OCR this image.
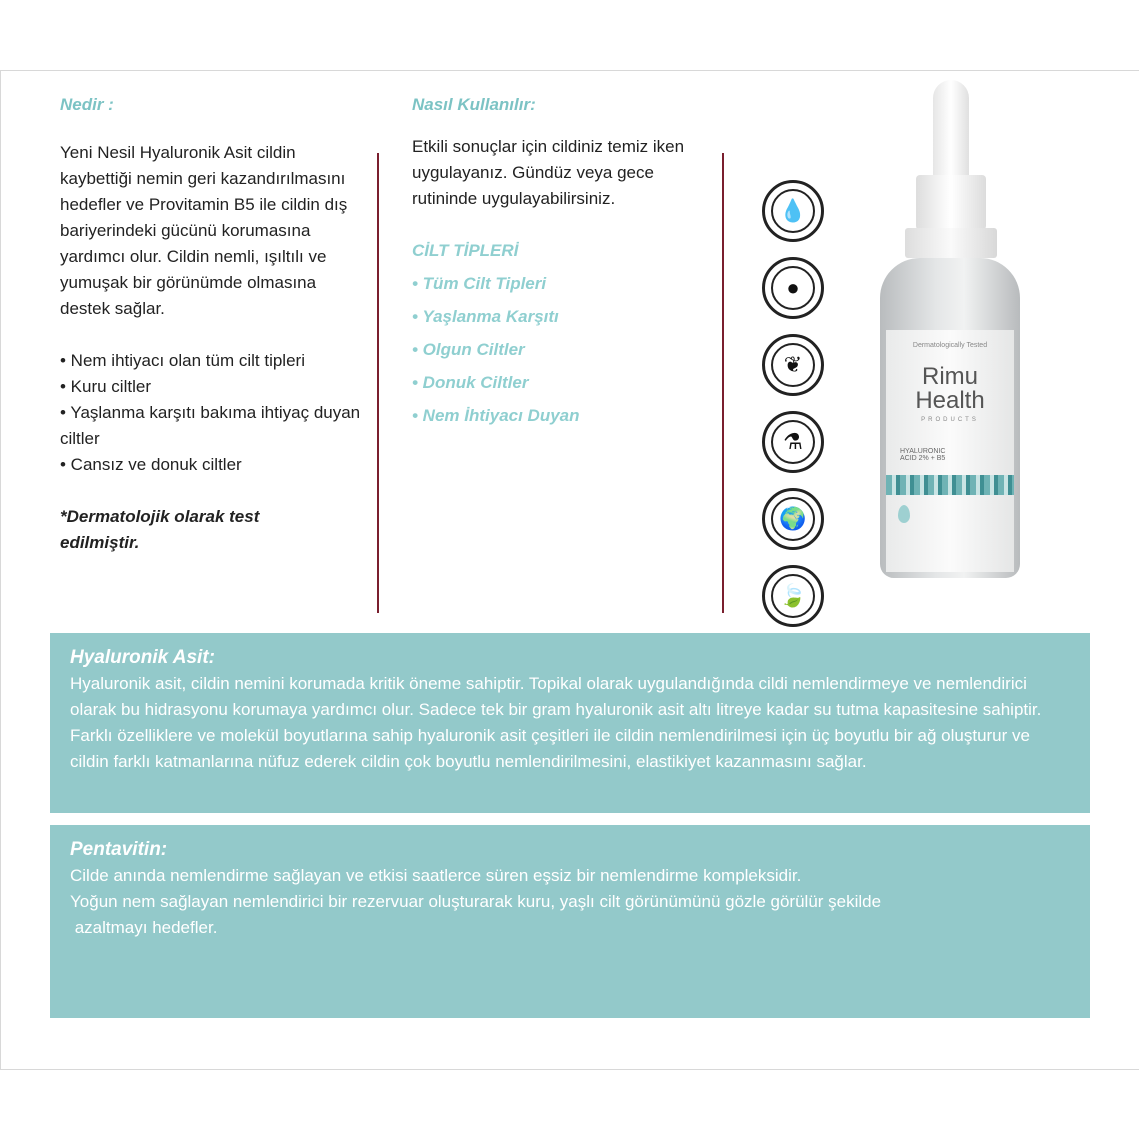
Nedir :

Yeni Nesil Hyaluronik Asit cildin kaybettiği nemin geri kazandırılmasını hedefler ve Provitamin B5 ile cildin dış bariyerindeki gücünü korumasına yardımcı olur. Cildin nemli, ışıltılı ve yumuşak bir görünümde olmasına destek sağlar.

• Nem ihtiyacı olan tüm cilt tipleri

• Kuru ciltler

• Yaşlanma karşıtı bakıma ihtiyaç duyan ciltler

• Cansız ve donuk ciltler

*Dermatolojik olarak test edilmiştir.

Nasıl Kullanılır:

Etkili sonuçlar için cildiniz temiz iken uygulayanız. Gündüz veya gece rutininde uygulayabilirsiniz.

CİLT TİPLERİ
• Tüm Cilt Tipleri
• Yaşlanma Karşıtı
• Olgun Ciltler
• Donuk Ciltler
• Nem İhtiyacı Duyan
💧
●
❦
⚗
🌍
🍃
Dermatologically Tested
Rimu Health
PRODUCTS
HYALURONIC ACID 2% + B5
Hyaluronik Asit:

Hyaluronik asit, cildin nemini korumada kritik öneme sahiptir. Topikal olarak uygulandığında cildi nemlendirmeye ve nemlendirici olarak bu hidrasyonu korumaya yardımcı olur. Sadece tek bir gram hyaluronik asit altı litreye kadar su tutma kapasitesine sahiptir. Farklı özelliklere ve molekül boyutlarına sahip hyaluronik asit çeşitleri ile cildin nemlendirilmesi için üç boyutlu bir ağ oluşturur ve cildin farklı katmanlarına nüfuz ederek cildin çok boyutlu nemlendirilmesini, elastikiyet kazanmasını sağlar.

Pentavitin:

Cilde anında nemlendirme sağlayan ve etkisi saatlerce süren eşsiz bir nemlendirme kompleksidir.

Yoğun nem sağlayan nemlendirici bir rezervuar oluşturarak kuru, yaşlı cilt görünümünü gözle görülür şekilde

azaltmayı hedefler.
